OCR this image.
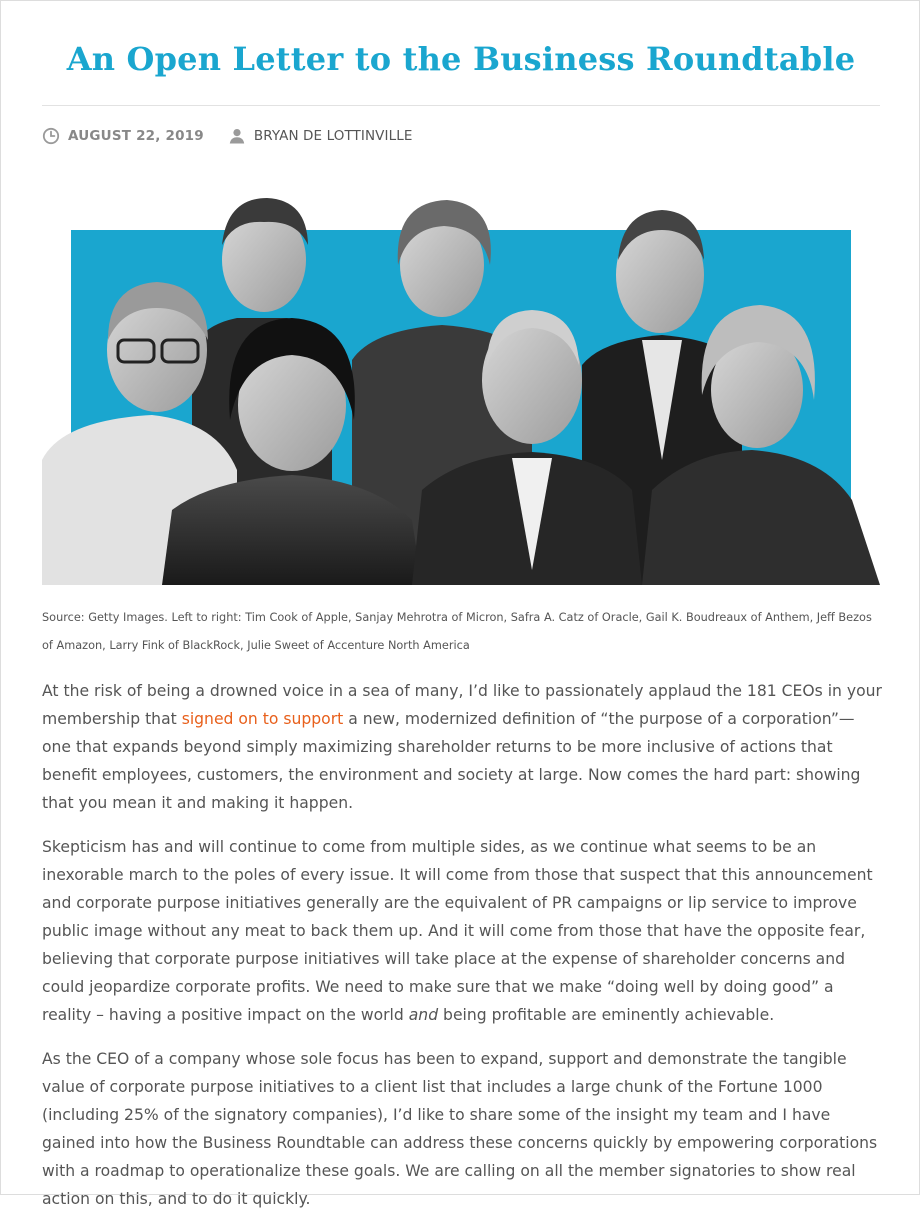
An Open Letter to the Business Roundtable
AUGUST 22, 2019	BRYAN DE LOTTINVILLE
Source: Getty Images. Left to right: Tim Cook of Apple, Sanjay Mehrotra of Micron, Safra A. Catz of Oracle, Gail K. Boudreaux of Anthem, Jeff Bezos of Amazon, Larry Fink of BlackRock, Julie Sweet of Accenture North America

At the risk of being a drowned voice in a sea of many, I’d like to passionately applaud the 181 CEOs in your membership that signed on to support a new, modernized definition of “the purpose of a corporation”— one that expands beyond simply maximizing shareholder returns to be more inclusive of actions that benefit employees, customers, the environment and society at large. Now comes the hard part: showing that you mean it and making it happen.

Skepticism has and will continue to come from multiple sides, as we continue what seems to be an inexorable march to the poles of every issue. It will come from those that suspect that this announcement and corporate purpose initiatives generally are the equivalent of PR campaigns or lip service to improve public image without any meat to back them up. And it will come from those that have the opposite fear, believing that corporate purpose initiatives will take place at the expense of shareholder concerns and could jeopardize corporate profits. We need to make sure that we make “doing well by doing good” a reality – having a positive impact on the world and being profitable are eminently achievable.

As the CEO of a company whose sole focus has been to expand, support and demonstrate the tangible value of corporate purpose initiatives to a client list that includes a large chunk of the Fortune 1000 (including 25% of the signatory companies), I’d like to share some of the insight my team and I have gained into how the Business Roundtable can address these concerns quickly by empowering corporations with a roadmap to operationalize these goals. We are calling on all the member signatories to show real action on this, and to do it quickly.
